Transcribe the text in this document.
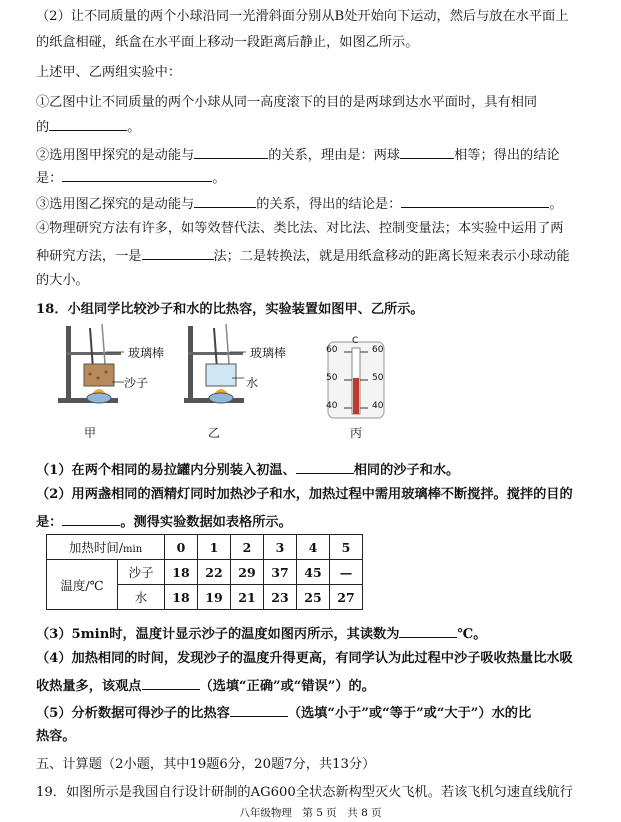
（2）让不同质量的两个小球沿同一光滑斜面分别从B处开始向下运动，然后与放在水平面上
的纸盒相碰，纸盒在水平面上移动一段距离后静止，如图乙所示。
上述甲、乙两组实验中：
①乙图中让不同质量的两个小球从同一高度滚下的目的是两球到达水平面时，具有相同
的	。
②选用图甲探究的是动能与	的关系，理由是：两球	相等；得出的结论
是：	。
③选用图乙探究的是动能与	的关系，得出的结论是：	。
④物理研究方法有许多，如等效替代法、类比法、对比法、控制变量法；本实验中运用了两
种研究方法，一是	法；二是转换法，就是用纸盒移动的距离长短来表示小球动能
的大小。
18．小组同学比较沙子和水的比热容，实验装置如图甲、乙所示。
玻璃棒
沙子
甲
玻璃棒
水
乙
C
60	60
50	50
40	40
丙
（1）在两个相同的易拉罐内分别装入初温、	相同的沙子和水。
（2）用两盏相同的酒精灯同时加热沙子和水，加热过程中需用玻璃棒不断搅拌。搅拌的目的
是：	。测得实验数据如表格所示。
加热时间/min		0	1	2	3	4	5
温度/℃	沙子	18	22	29	37	45	—
	水	18	19	21	23	25	27
（3）5min时，温度计显示沙子的温度如图丙所示，其读数为	℃。
（4）加热相同的时间，发现沙子的温度升得更高，有同学认为此过程中沙子吸收热量比水吸
收热量多，该观点	（选填“正确”或“错误”）的。
（5）分析数据可得沙子的比热容	（选填“小于”或“等于”或“大于”）水的比
热容。
五、计算题（2小题，其中19题6分，20题7分，共13分）
19．如图所示是我国自行设计研制的AG600全状态新构型灭火飞机。若该飞机匀速直线航行
八年级物理　第 5 页　共 8 页
